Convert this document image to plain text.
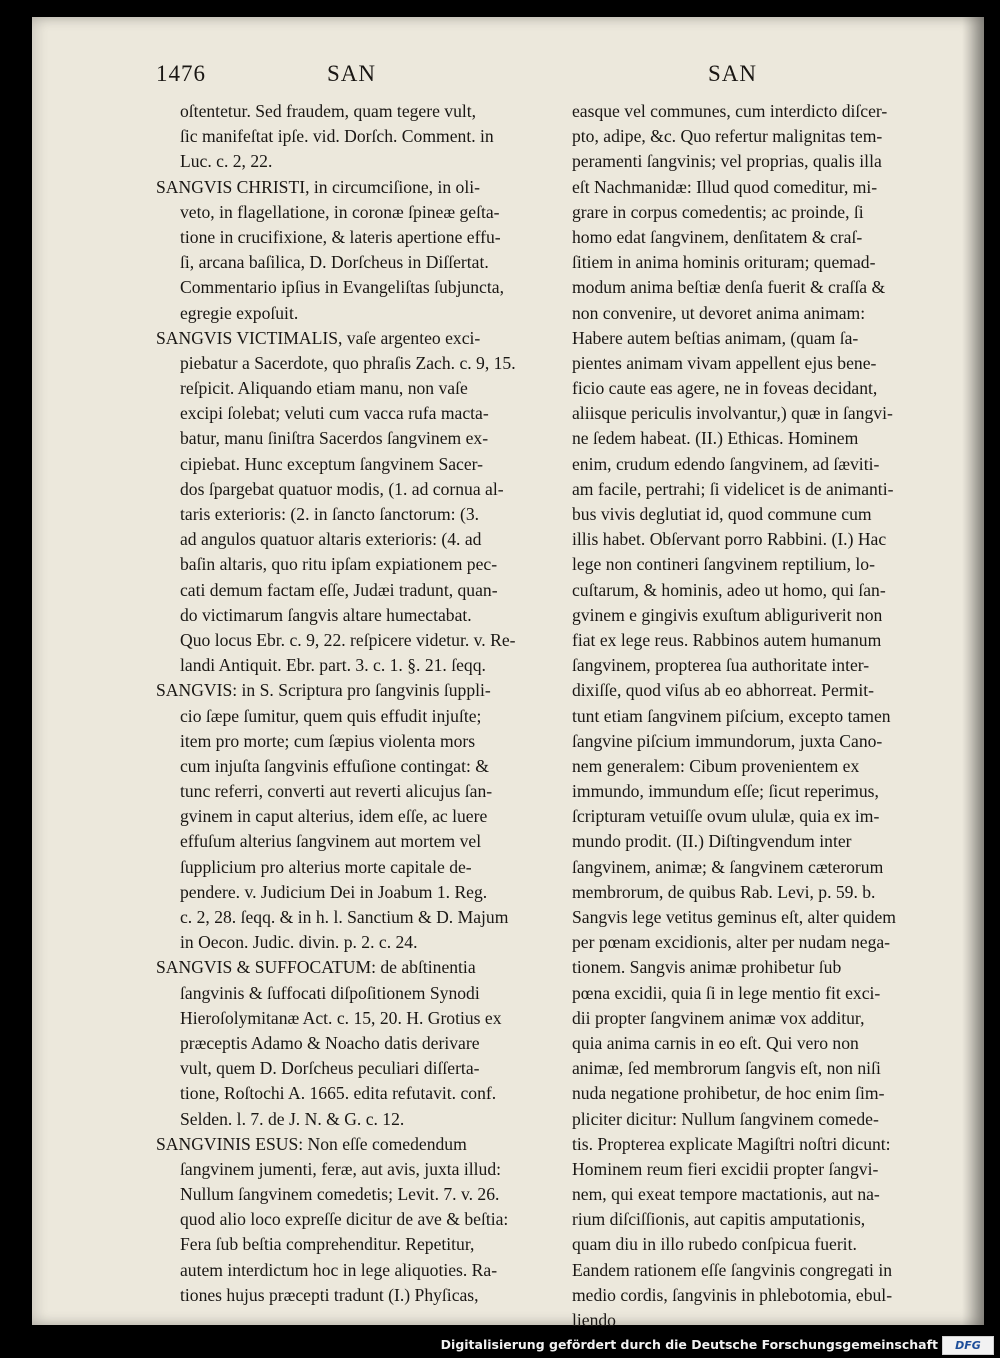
1476	SAN	SAN
oſtentetur. Sed fraudem, quam tegere vult,
ſic manifeſtat ipſe. vid. Dorſch. Comment. in
Luc. c. 2, 22.
SANGVIS CHRISTI, in circumciſione, in oli-
veto, in flagellatione, in coronæ ſpineæ geſta-
tione in crucifixione, & lateris apertione effu-
ſi, arcana baſilica, D. Dorſcheus in Diſſertat.
Commentario ipſius in Evangeliſtas ſubjuncta,
egregie expoſuit.
SANGVIS VICTIMALIS, vaſe argenteo exci-
piebatur a Sacerdote, quo phraſis Zach. c. 9, 15.
reſpicit. Aliquando etiam manu, non vaſe
excipi ſolebat; veluti cum vacca rufa macta-
batur, manu ſiniſtra Sacerdos ſangvinem ex-
cipiebat. Hunc exceptum ſangvinem Sacer-
dos ſpargebat quatuor modis, (1. ad cornua al-
taris exterioris: (2. in ſancto ſanctorum: (3.
ad angulos quatuor altaris exterioris: (4. ad
baſin altaris, quo ritu ipſam expiationem pec-
cati demum factam eſſe, Judæi tradunt, quan-
do victimarum ſangvis altare humectabat.
Quo locus Ebr. c. 9, 22. reſpicere videtur. v. Re-
landi Antiquit. Ebr. part. 3. c. 1. §. 21. ſeqq.
SANGVIS: in S. Scriptura pro ſangvinis ſuppli-
cio ſæpe ſumitur, quem quis effudit injuſte;
item pro morte; cum ſæpius violenta mors
cum injuſta ſangvinis effuſione contingat: &
tunc referri, converti aut reverti alicujus ſan-
gvinem in caput alterius, idem eſſe, ac luere
effuſum alterius ſangvinem aut mortem vel
ſupplicium pro alterius morte capitale de-
pendere. v. Judicium Dei in Joabum 1. Reg.
c. 2, 28. ſeqq. & in h. l. Sanctium & D. Majum
in Oecon. Judic. divin. p. 2. c. 24.
SANGVIS & SUFFOCATUM: de abſtinentia
ſangvinis & ſuffocati diſpoſitionem Synodi
Hieroſolymitanæ Act. c. 15, 20. H. Grotius ex
præceptis Adamo & Noacho datis derivare
vult, quem D. Dorſcheus peculiari diſſerta-
tione, Roſtochi A. 1665. edita refutavit. conf.
Selden. l. 7. de J. N. & G. c. 12.
SANGVINIS ESUS: Non eſſe comedendum
ſangvinem jumenti, feræ, aut avis, juxta illud:
Nullum ſangvinem comedetis; Levit. 7. v. 26.
quod alio loco expreſſe dicitur de ave & beſtia:
Fera ſub beſtia comprehenditur. Repetitur,
autem interdictum hoc in lege aliquoties. Ra-
tiones hujus præcepti tradunt (I.) Phyſicas,
easque vel communes, cum interdicto diſcer-
pto, adipe, &c. Quo refertur malignitas tem-
peramenti ſangvinis; vel proprias, qualis illa
eſt Nachmanidæ: Illud quod comeditur, mi-
grare in corpus comedentis; ac proinde, ſi
homo edat ſangvinem, denſitatem & craſ-
ſitiem in anima hominis orituram; quemad-
modum anima beſtiæ denſa fuerit & craſſa &
non convenire, ut devoret anima animam:
Habere autem beſtias animam, (quam ſa-
pientes animam vivam appellent ejus bene-
ficio caute eas agere, ne in foveas decidant,
aliisque periculis involvantur,) quæ in ſangvi-
ne ſedem habeat. (II.) Ethicas. Hominem
enim, crudum edendo ſangvinem, ad ſæviti-
am facile, pertrahi; ſi videlicet is de animanti-
bus vivis deglutiat id, quod commune cum
illis habet. Obſervant porro Rabbini. (I.) Hac
lege non contineri ſangvinem reptilium, lo-
cuſtarum, & hominis, adeo ut homo, qui ſan-
gvinem e gingivis exuſtum abliguriverit non
fiat ex lege reus. Rabbinos autem humanum
ſangvinem, propterea ſua authoritate inter-
dixiſſe, quod viſus ab eo abhorreat. Permit-
tunt etiam ſangvinem piſcium, excepto tamen
ſangvine piſcium immundorum, juxta Cano-
nem generalem: Cibum provenientem ex
immundo, immundum eſſe; ſicut reperimus,
ſcripturam vetuiſſe ovum ululæ, quia ex im-
mundo prodit. (II.) Diſtingvendum inter
ſangvinem, animæ; & ſangvinem cæterorum
membrorum, de quibus Rab. Levi, p. 59. b.
Sangvis lege vetitus geminus eſt, alter quidem
per pœnam excidionis, alter per nudam nega-
tionem. Sangvis animæ prohibetur ſub
pœna excidii, quia ſi in lege mentio fit exci-
dii propter ſangvinem animæ vox additur,
quia anima carnis in eo eſt. Qui vero non
animæ, ſed membrorum ſangvis eſt, non niſi
nuda negatione prohibetur, de hoc enim ſim-
pliciter dicitur: Nullum ſangvinem comede-
tis. Propterea explicate Magiſtri noſtri dicunt:
Hominem reum fieri excidii propter ſangvi-
nem, qui exeat tempore mactationis, aut na-
rium diſciſſionis, aut capitis amputationis,
quam diu in illo rubedo conſpicua fuerit.
Eandem rationem eſſe ſangvinis congregati in
medio cordis, ſangvinis in phlebotomia, ebul-
liendo
Digitalisierung gefördert durch die Deutsche Forschungsgemeinschaft	DFG
